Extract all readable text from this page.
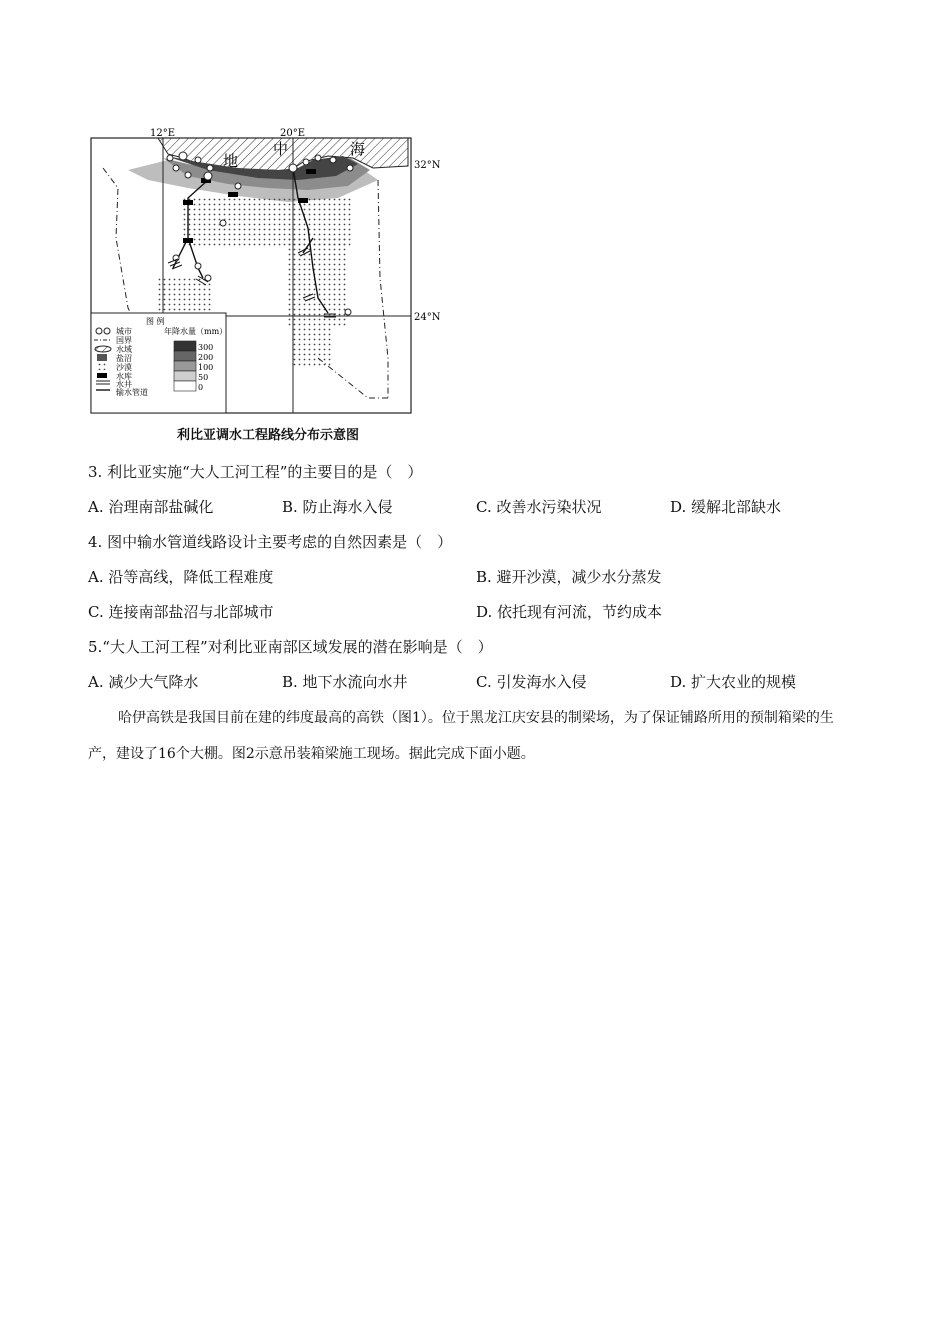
12°E	20°E
32°N
24°N
地
中	海
图 例
城市
国界
水域
盐沼
沙漠
水库
水井
输水管道
年降水量（mm）
300
200
100
50
0
利比亚调水工程路线分布示意图
3. 利比亚实施“大人工河工程”的主要目的是（　）
A. 治理南部盐碱化	B. 防止海水入侵	C. 改善水污染状况	D. 缓解北部缺水
4. 图中输水管道线路设计主要考虑的自然因素是（　）
A. 沿等高线，降低工程难度	B. 避开沙漠，减少水分蒸发
C. 连接南部盐沼与北部城市	D. 依托现有河流，节约成本
5.“大人工河工程”对利比亚南部区域发展的潜在影响是（　）
A. 减少大气降水	B. 地下水流向水井	C. 引发海水入侵	D. 扩大农业的规模
哈伊高铁是我国目前在建的纬度最高的高铁（图1）。位于黑龙江庆安县的制梁场，为了保证铺路所用的预制箱梁的生产，建设了16个大棚。图2示意吊装箱梁施工现场。据此完成下面小题。
